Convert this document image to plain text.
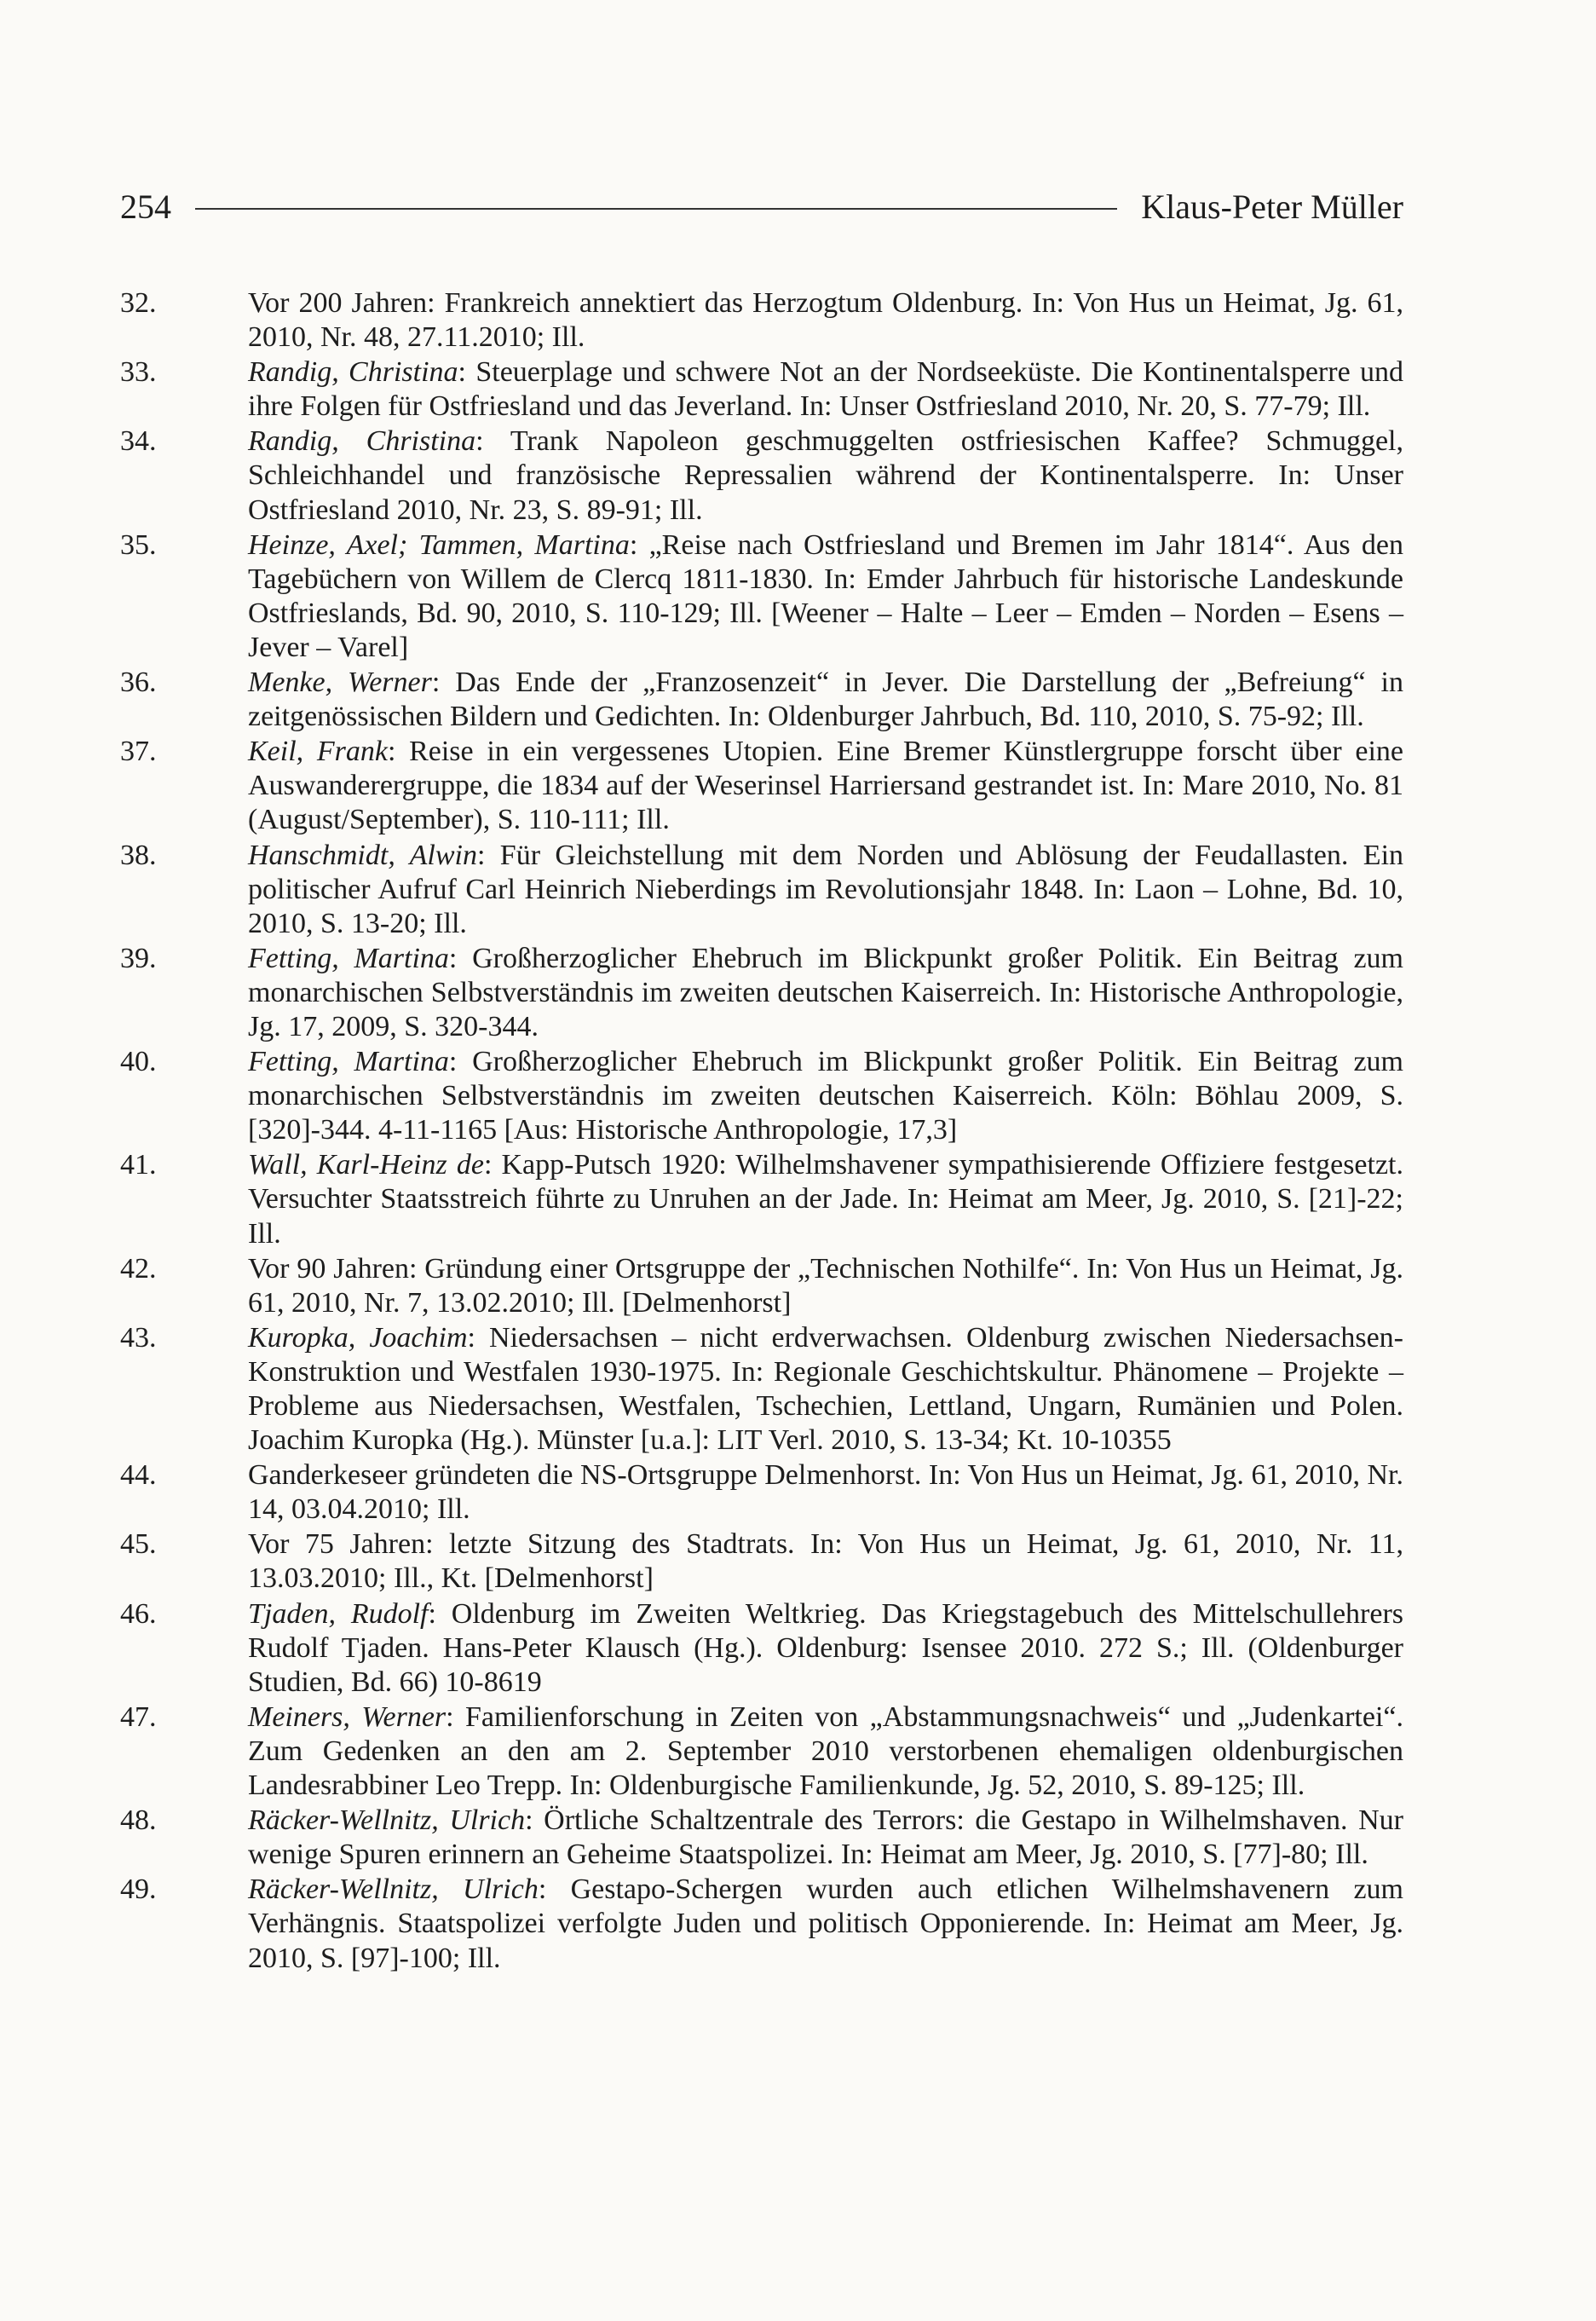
254	Klaus-Peter Müller
32.	Vor 200 Jahren: Frankreich annektiert das Herzogtum Oldenburg. In: Von Hus un Heimat, Jg. 61, 2010, Nr. 48, 27.11.2010; Ill.
33.	Randig, Christina: Steuerplage und schwere Not an der Nordseeküste. Die Kontinentalsperre und ihre Folgen für Ostfriesland und das Jeverland. In: Unser Ostfriesland 2010, Nr. 20, S. 77-79; Ill.
34.	Randig, Christina: Trank Napoleon geschmuggelten ostfriesischen Kaffee? Schmuggel, Schleichhandel und französische Repressalien während der Kontinentalsperre. In: Unser Ostfriesland 2010, Nr. 23, S. 89-91; Ill.
35.	Heinze, Axel; Tammen, Martina: „Reise nach Ostfriesland und Bremen im Jahr 1814“. Aus den Tagebüchern von Willem de Clercq 1811-1830. In: Emder Jahrbuch für historische Landeskunde Ostfrieslands, Bd. 90, 2010, S. 110-129; Ill. [Weener – Halte – Leer – Emden – Norden – Esens – Jever – Varel]
36.	Menke, Werner: Das Ende der „Franzosenzeit“ in Jever. Die Darstellung der „Befreiung“ in zeitgenössischen Bildern und Gedichten. In: Oldenburger Jahrbuch, Bd. 110, 2010, S. 75-92; Ill.
37.	Keil, Frank: Reise in ein vergessenes Utopien. Eine Bremer Künstlergruppe forscht über eine Auswanderergruppe, die 1834 auf der Weserinsel Harriersand gestrandet ist. In: Mare 2010, No. 81 (August/September), S. 110-111; Ill.
38.	Hanschmidt, Alwin: Für Gleichstellung mit dem Norden und Ablösung der Feudallasten. Ein politischer Aufruf Carl Heinrich Nieberdings im Revolutionsjahr 1848. In: Laon – Lohne, Bd. 10, 2010, S. 13-20; Ill.
39.	Fetting, Martina: Großherzoglicher Ehebruch im Blickpunkt großer Politik. Ein Beitrag zum monarchischen Selbstverständnis im zweiten deutschen Kaiserreich. In: Historische Anthropologie, Jg. 17, 2009, S. 320-344.
40.	Fetting, Martina: Großherzoglicher Ehebruch im Blickpunkt großer Politik. Ein Beitrag zum monarchischen Selbstverständnis im zweiten deutschen Kaiserreich. Köln: Böhlau 2009, S. [320]-344. 4-11-1165 [Aus: Historische Anthropologie, 17,3]
41.	Wall, Karl-Heinz de: Kapp-Putsch 1920: Wilhelmshavener sympathisierende Offiziere festgesetzt. Versuchter Staatsstreich führte zu Unruhen an der Jade. In: Heimat am Meer, Jg. 2010, S. [21]-22; Ill.
42.	Vor 90 Jahren: Gründung einer Ortsgruppe der „Technischen Nothilfe“. In: Von Hus un Heimat, Jg. 61, 2010, Nr. 7, 13.02.2010; Ill. [Delmenhorst]
43.	Kuropka, Joachim: Niedersachsen – nicht erdverwachsen. Oldenburg zwischen Niedersachsen-Konstruktion und Westfalen 1930-1975. In: Regionale Geschichtskultur. Phänomene – Projekte – Probleme aus Niedersachsen, Westfalen, Tschechien, Lettland, Ungarn, Rumänien und Polen. Joachim Kuropka (Hg.). Münster [u.a.]: LIT Verl. 2010, S. 13-34; Kt. 10-10355
44.	Ganderkeseer gründeten die NS-Ortsgruppe Delmenhorst. In: Von Hus un Heimat, Jg. 61, 2010, Nr. 14, 03.04.2010; Ill.
45.	Vor 75 Jahren: letzte Sitzung des Stadtrats. In: Von Hus un Heimat, Jg. 61, 2010, Nr. 11, 13.03.2010; Ill., Kt. [Delmenhorst]
46.	Tjaden, Rudolf: Oldenburg im Zweiten Weltkrieg. Das Kriegstagebuch des Mittelschullehrers Rudolf Tjaden. Hans-Peter Klausch (Hg.). Oldenburg: Isensee 2010. 272 S.; Ill. (Oldenburger Studien, Bd. 66) 10-8619
47.	Meiners, Werner: Familienforschung in Zeiten von „Abstammungsnachweis“ und „Judenkartei“. Zum Gedenken an den am 2. September 2010 verstorbenen ehemaligen oldenburgischen Landesrabbiner Leo Trepp. In: Oldenburgische Familienkunde, Jg. 52, 2010, S. 89-125; Ill.
48.	Räcker-Wellnitz, Ulrich: Örtliche Schaltzentrale des Terrors: die Gestapo in Wilhelmshaven. Nur wenige Spuren erinnern an Geheime Staatspolizei. In: Heimat am Meer, Jg. 2010, S. [77]-80; Ill.
49.	Räcker-Wellnitz, Ulrich: Gestapo-Schergen wurden auch etlichen Wilhelmshavenern zum Verhängnis. Staatspolizei verfolgte Juden und politisch Opponierende. In: Heimat am Meer, Jg. 2010, S. [97]-100; Ill.
